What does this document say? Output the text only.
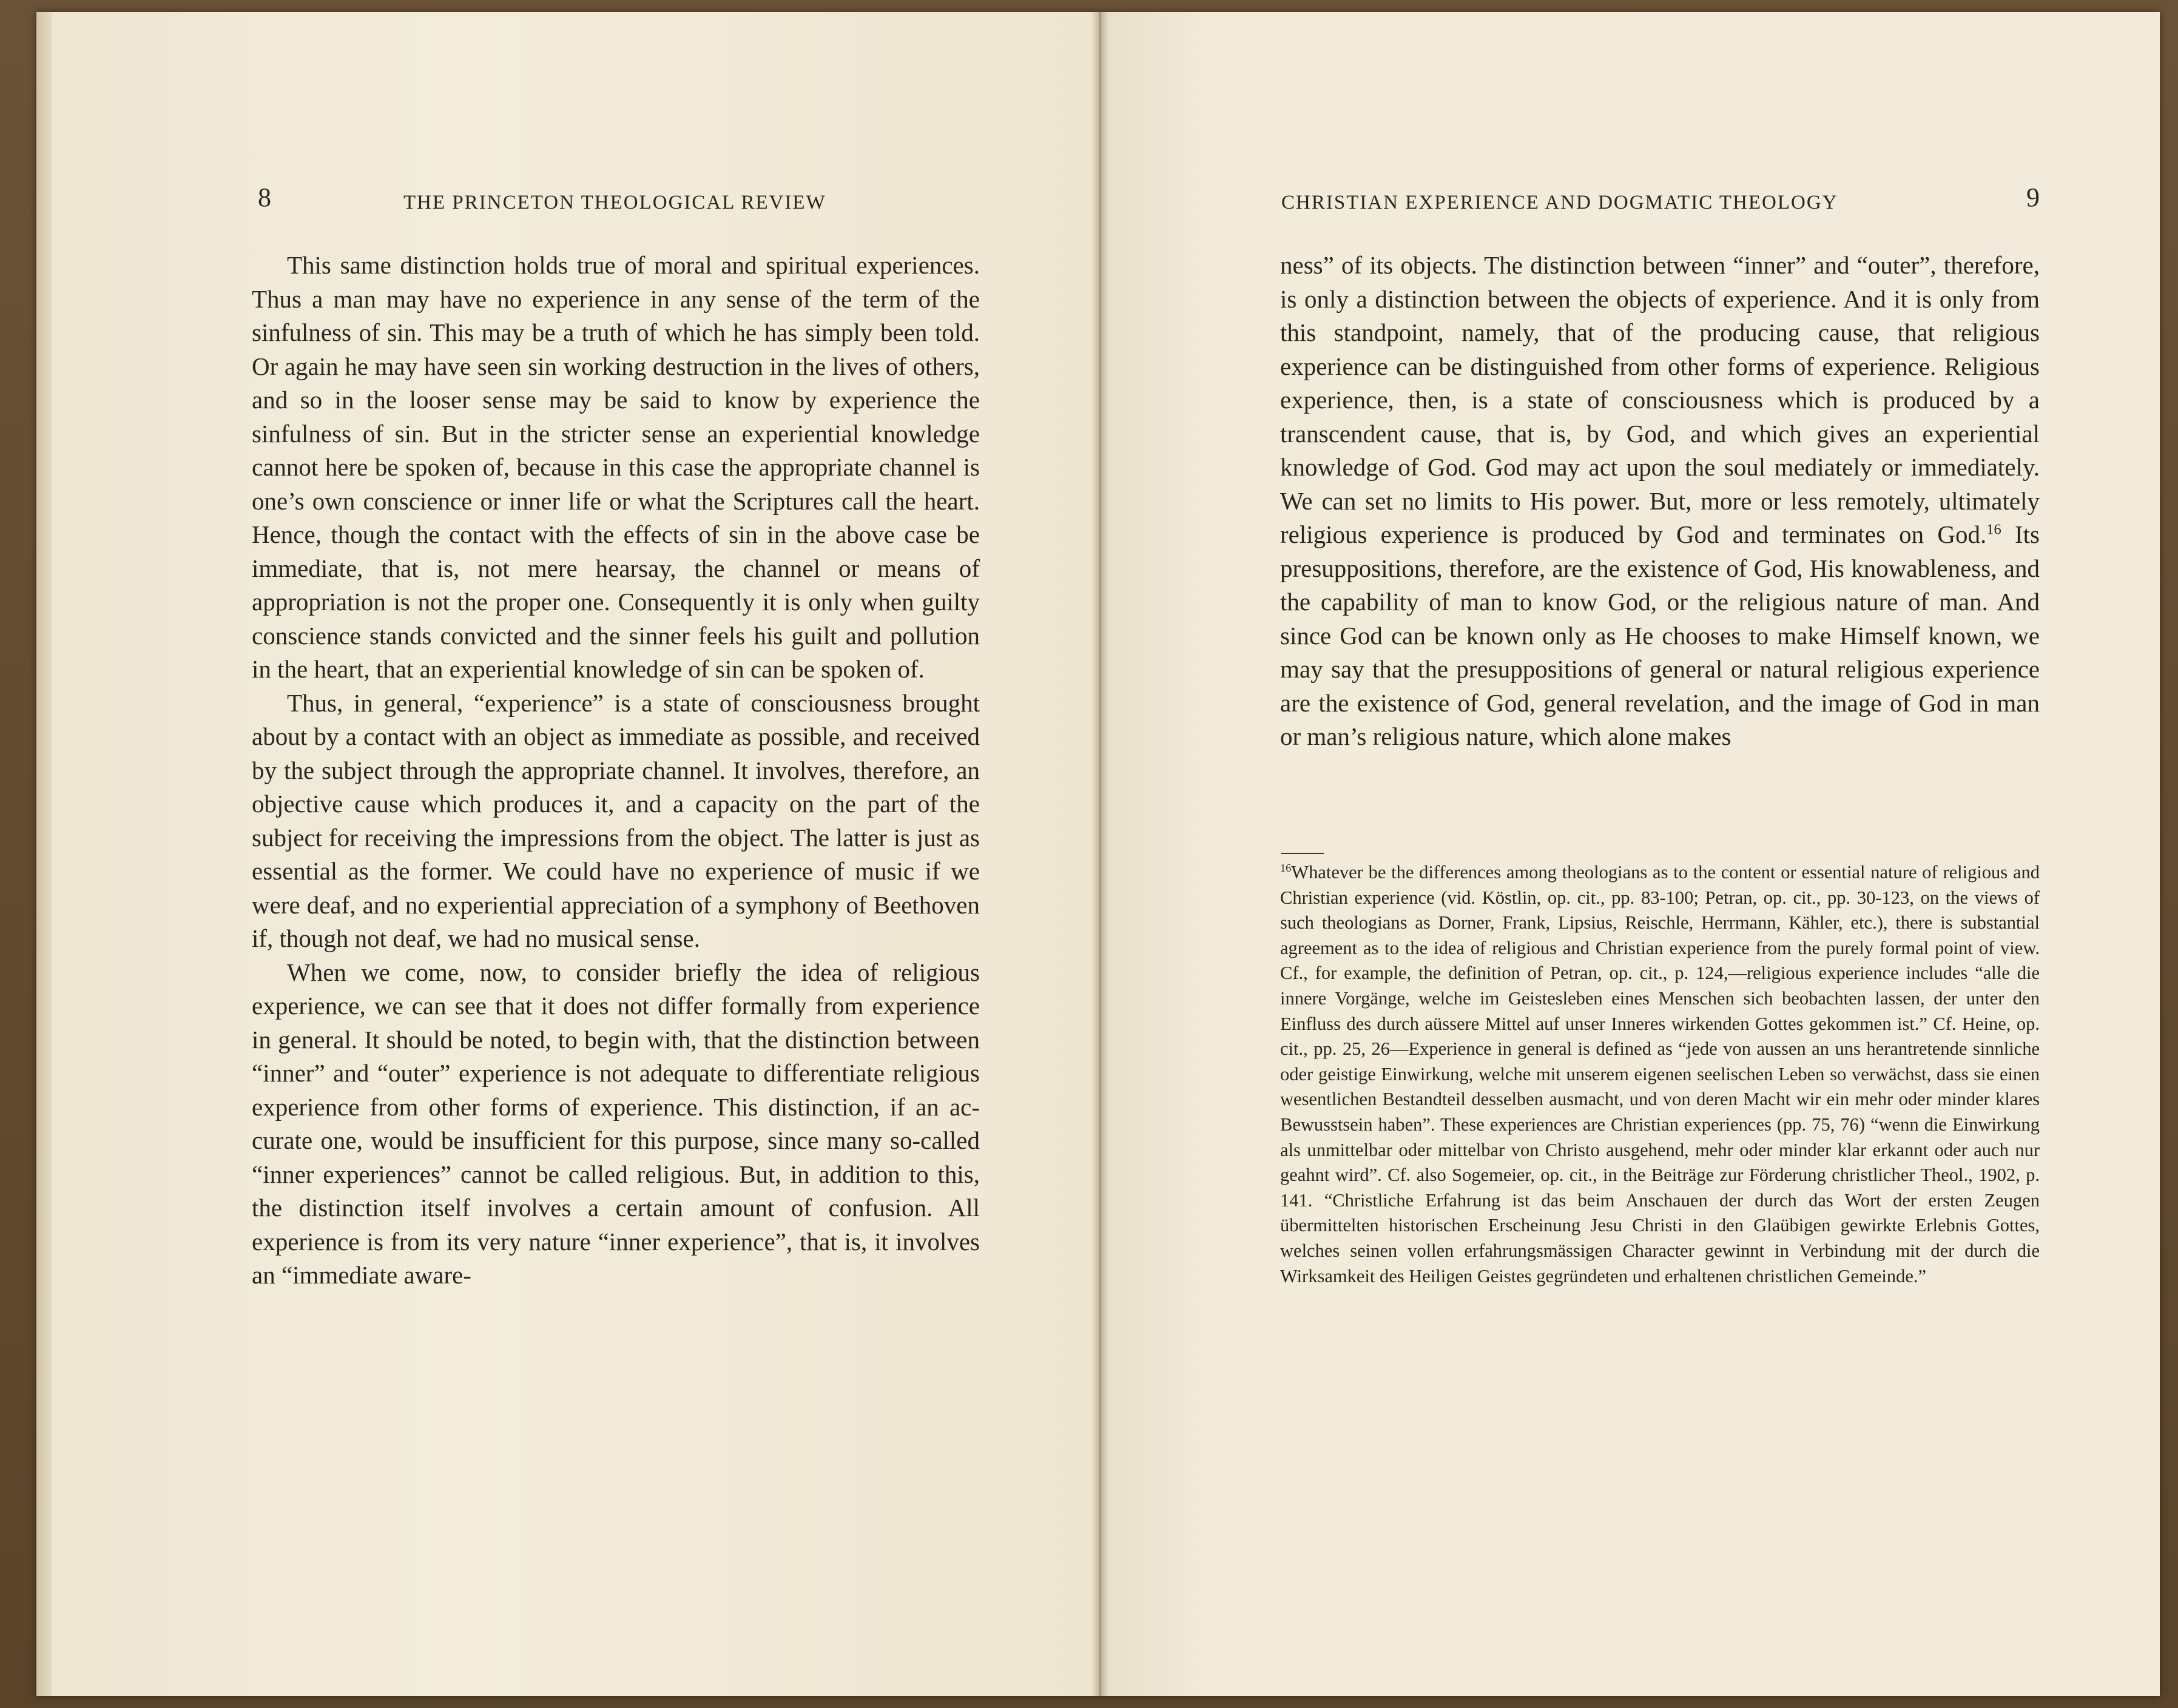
8	THE PRINCETON THEOLOGICAL REVIEW

This same distinction holds true of moral and spiritual experiences. Thus a man may have no experience in any sense of the term of the sinfulness of sin. This may be a truth of which he has simply been told. Or again he may have seen sin working destruction in the lives of others, and so in the looser sense may be said to know by experience the sinfulness of sin. But in the stricter sense an experiential knowledge cannot here be spoken of, because in this case the appropriate channel is one’s own conscience or inner life or what the Scriptures call the heart. Hence, though the contact with the effects of sin in the above case be immediate, that is, not mere hearsay, the channel or means of appropriation is not the proper one. Consequently it is only when guilty conscience stands convicted and the sinner feels his guilt and pollution in the heart, that an experiential knowledge of sin can be spoken of.

Thus, in general, “experience” is a state of consciousness brought about by a contact with an object as immediate as possible, and received by the subject through the appropriate channel. It involves, therefore, an objective cause which produces it, and a capacity on the part of the subject for receiving the impressions from the object. The latter is just as essential as the former. We could have no experience of music if we were deaf, and no experiential appreciation of a symphony of Beethoven if, though not deaf, we had no musical sense.

When we come, now, to consider briefly the idea of religious experience, we can see that it does not differ formally from experience in general. It should be noted, to begin with, that the distinction between “inner” and “outer” experience is not adequate to differentiate religious experience from other forms of experience. This distinction, if an accurate one, would be insufficient for this purpose, since many so-called “inner experiences” cannot be called religious. But, in addition to this, the distinction itself involves a certain amount of confusion. All experience is from its very nature “inner experience”, that is, it involves an “immediate aware-

CHRISTIAN EXPERIENCE AND DOGMATIC THEOLOGY	9

ness” of its objects. The distinction between “inner” and “outer”, therefore, is only a distinction between the objects of experience. And it is only from this standpoint, namely, that of the producing cause, that religious experience can be distinguished from other forms of experience. Religious experience, then, is a state of consciousness which is produced by a transcendent cause, that is, by God, and which gives an experiential knowledge of God. God may act upon the soul mediately or immediately. We can set no limits to His power. But, more or less remotely, ultimately religious experience is produced by God and terminates on God.$^{16}$ Its presuppositions, therefore, are the existence of God, His knowableness, and the capability of man to know God, or the religious nature of man. And since God can be known only as He chooses to make Himself known, we may say that the presuppositions of general or natural religious experience are the existence of God, general revelation, and the image of God in man or man’s religious nature, which alone makes

$^{16}$Whatever be the differences among theologians as to the content or essential nature of religious and Christian experience (vid. Köstlin, op. cit., pp. 83-100; Petran, op. cit., pp. 30-123, on the views of such theologians as Dorner, Frank, Lipsius, Reischle, Herrmann, Kähler, etc.), there is substantial agreement as to the idea of religious and Christian experience from the purely formal point of view. Cf., for example, the definition of Petran, op. cit., p. 124,—religious experience includes “alle die innere Vorgänge, welche im Geistesleben eines Menschen sich beobachten lassen, der unter den Einfluss des durch aüssere Mittel auf unser Inneres wirkenden Gottes gekommen ist.” Cf. Heine, op. cit., pp. 25, 26—Experience in general is defined as “jede von aussen an uns herantretende sinnliche oder geistige Einwirkung, welche mit unserem eigenen seelischen Leben so verwächst, dass sie einen wesentlichen Bestandteil desselben ausmacht, und von deren Macht wir ein mehr oder minder klares Bewusstsein haben”. These experiences are Christian experiences (pp. 75, 76) “wenn die Einwirkung als unmittelbar oder mittelbar von Christo ausgehend, mehr oder minder klar erkannt oder auch nur geahnt wird”. Cf. also Sogemeier, op. cit., in the Beiträge zur Förderung christlicher Theol., 1902, p. 141. “Christliche Erfahrung ist das beim Anschauen der durch das Wort der ersten Zeugen übermittelten historischen Erscheinung Jesu Christi in den Glaübigen gewirkte Erlebnis Gottes, welches seinen vollen erfahrungsmässigen Character gewinnt in Verbindung mit der durch die Wirksamkeit des Heiligen Geistes gegründeten und erhaltenen christlichen Gemeinde.”
